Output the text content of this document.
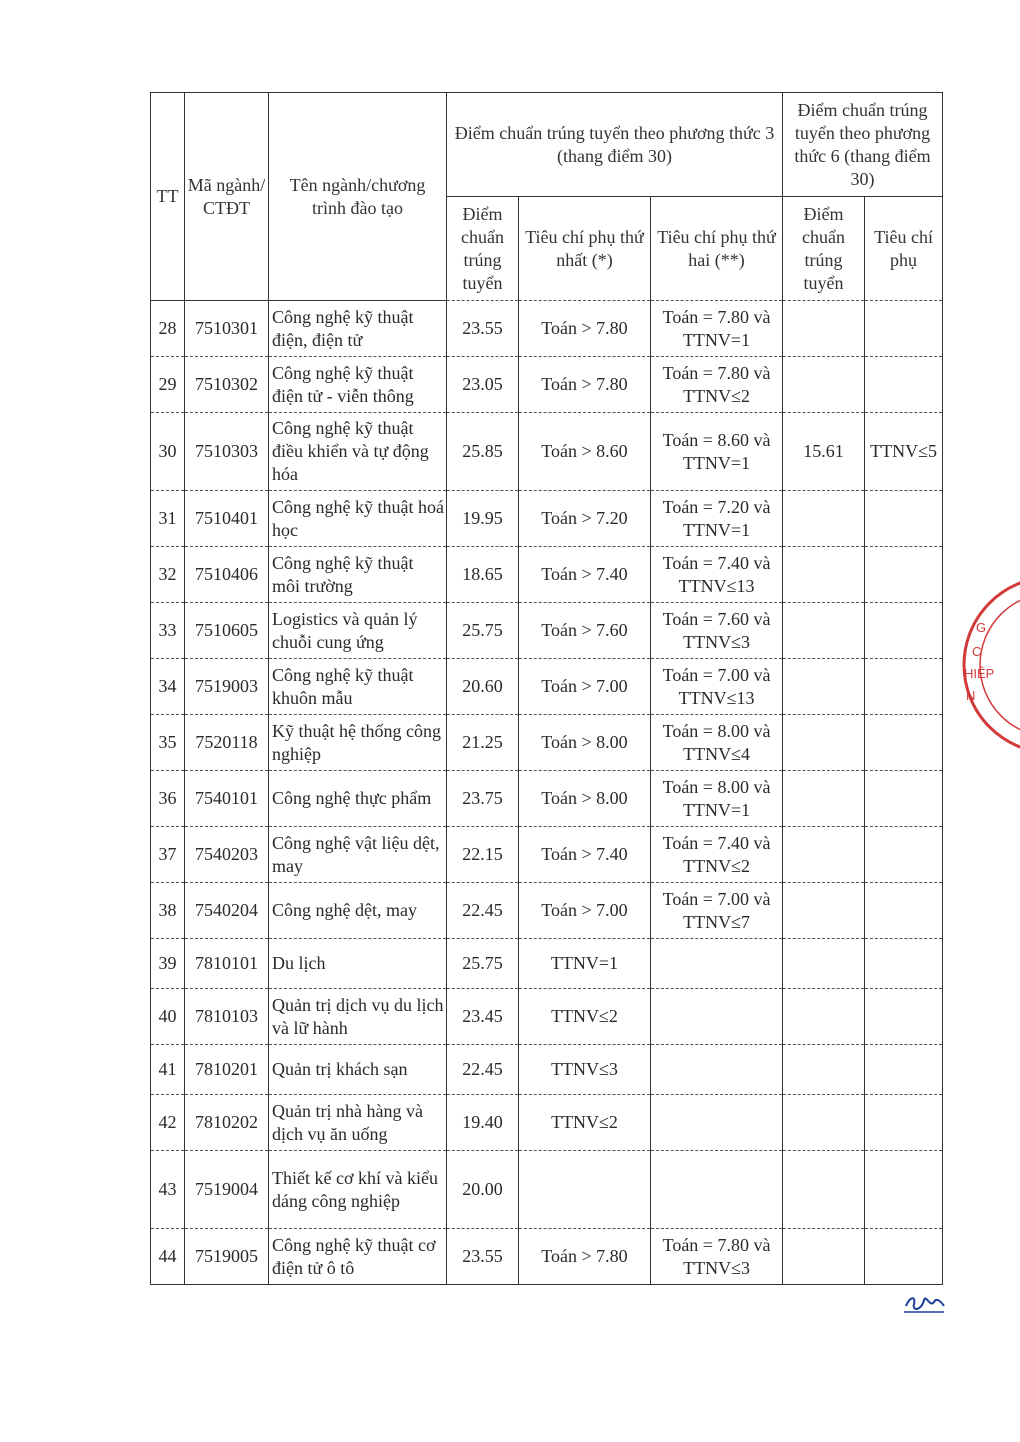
TT	Mã ngành/ CTĐT	Tên ngành/chương trình đào tạo	Điểm chuẩn trúng tuyển theo phương thức 3 (thang điểm 30)			Điểm chuẩn trúng tuyển theo phương thức 6 (thang điểm 30)	
			Điểm chuẩn trúng tuyển	Tiêu chí phụ thứ nhất (*)	Tiêu chí phụ thứ hai (**)	Điểm chuẩn trúng tuyển	Tiêu chí phụ
28	7510301	Công nghệ kỹ thuật điện, điện tử	23.55	Toán > 7.80	Toán = 7.80 và TTNV=1		
29	7510302	Công nghệ kỹ thuật điện tử - viễn thông	23.05	Toán > 7.80	Toán = 7.80 và TTNV≤2		
30	7510303	Công nghệ kỹ thuật điều khiển và tự động hóa	25.85	Toán > 8.60	Toán = 8.60 và TTNV=1	15.61	TTNV≤5
31	7510401	Công nghệ kỹ thuật hoá học	19.95	Toán > 7.20	Toán = 7.20 và TTNV=1		
32	7510406	Công nghệ kỹ thuật môi trường	18.65	Toán > 7.40	Toán = 7.40 và TTNV≤13		
33	7510605	Logistics và quản lý chuỗi cung ứng	25.75	Toán > 7.60	Toán = 7.60 và TTNV≤3		
34	7519003	Công nghệ kỹ thuật khuôn mẫu	20.60	Toán > 7.00	Toán = 7.00 và TTNV≤13		
35	7520118	Kỹ thuật hệ thống công nghiệp	21.25	Toán > 8.00	Toán = 8.00 và TTNV≤4		
36	7540101	Công nghệ thực phẩm	23.75	Toán > 8.00	Toán = 8.00 và TTNV=1		
37	7540203	Công nghệ vật liệu dệt, may	22.15	Toán > 7.40	Toán = 7.40 và TTNV≤2		
38	7540204	Công nghệ dệt, may	22.45	Toán > 7.00	Toán = 7.00 và TTNV≤7		
39	7810101	Du lịch	25.75	TTNV=1			
40	7810103	Quản trị dịch vụ du lịch và lữ hành	23.45	TTNV≤2			
41	7810201	Quản trị khách sạn	22.45	TTNV≤3			
42	7810202	Quản trị nhà hàng và dịch vụ ăn uống	19.40	TTNV≤2			
43	7519004	Thiết kế cơ khí và kiểu dáng công nghiệp	20.00				
44	7519005	Công nghệ kỹ thuật cơ điện tử ô tô	23.55	Toán > 7.80	Toán = 7.80 và TTNV≤3		
G
C
HIỆP
N
